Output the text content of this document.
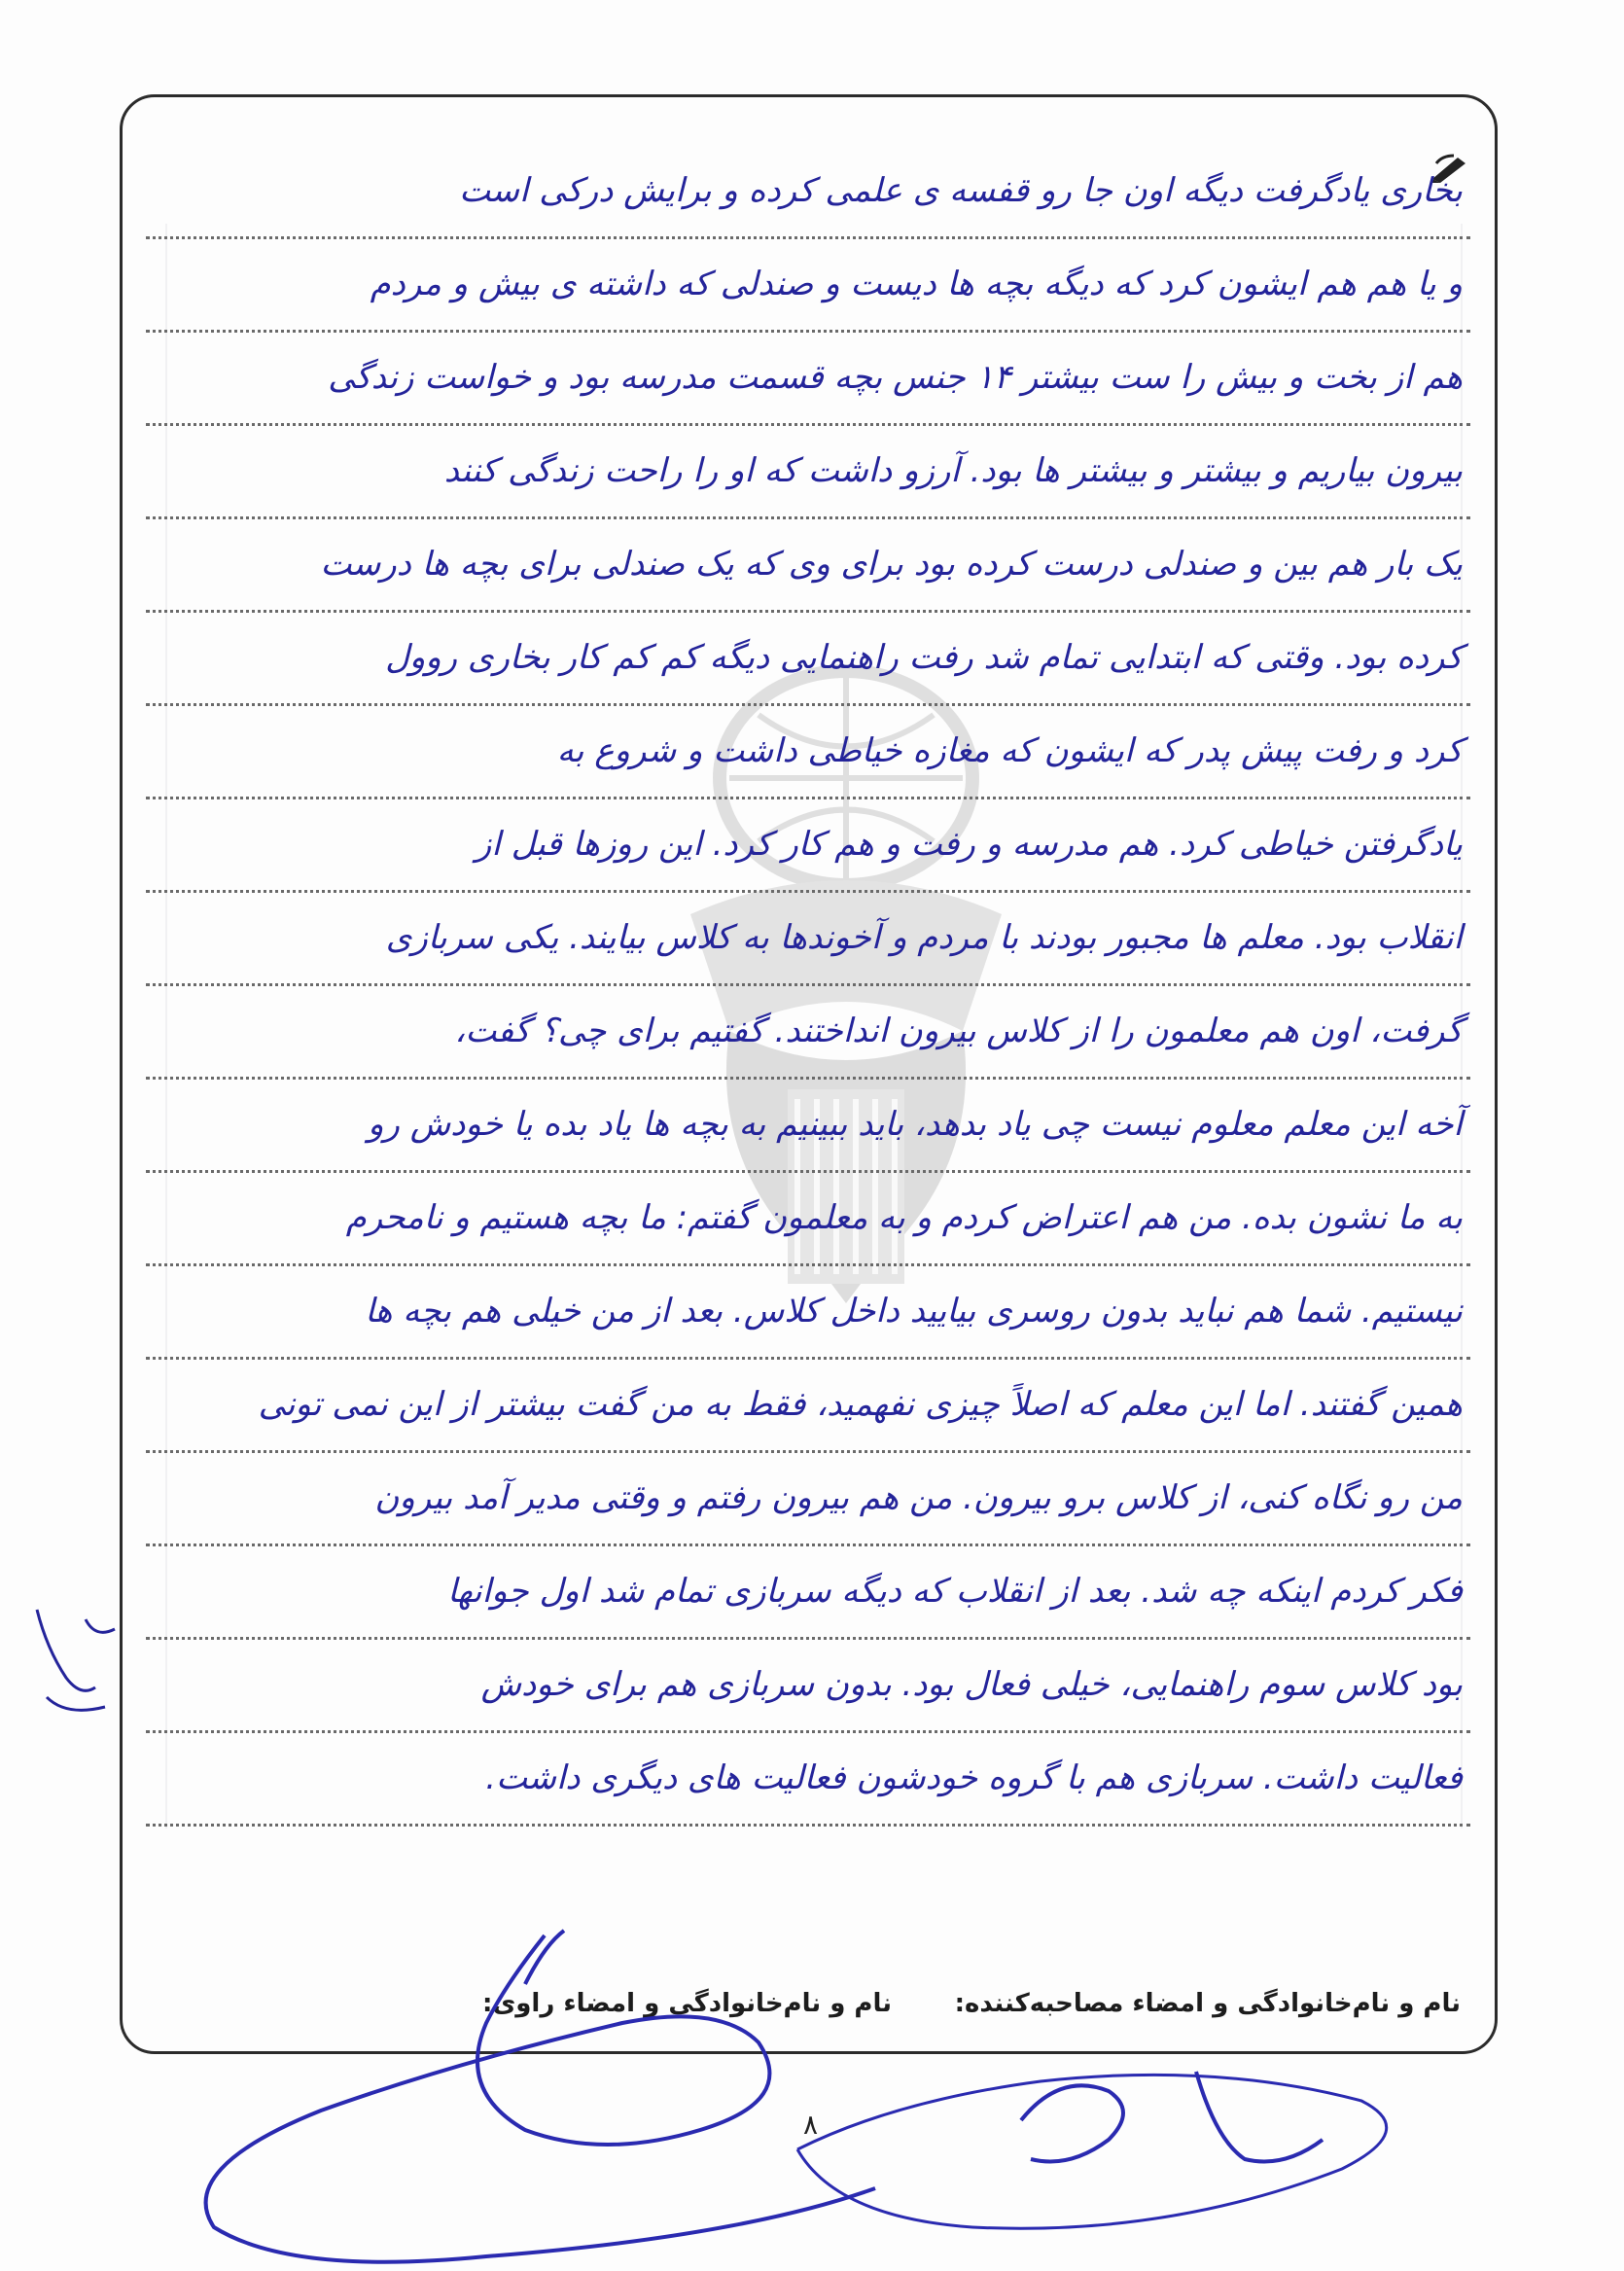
بخاری یادگرفت دیگه اون جا رو قفسه ی علمی کرده و برایش درکی است
و یا هم هم ایشون کرد که دیگه بچه ها دیست و صندلی که داشته ی بیش و مردم
هم از بخت و بیش را ست بیشتر ۱۴ جنس بچه قسمت مدرسه بود و خواست زندگی
بیرون بیاریم و بیشتر و بیشتر ها بود. آرزو داشت که او را راحت زندگی کنند
یک بار هم بین و صندلی درست کرده بود برای وی که یک صندلی برای بچه ها درست
کرده بود. وقتی که ابتدایی تمام شد رفت راهنمایی دیگه کم کم کار بخاری روول
کرد و رفت پیش پدر که ایشون که مغازه خیاطی داشت و شروع به
یادگرفتن خیاطی کرد. هم مدرسه و رفت و هم کار کرد. این روزها قبل از
انقلاب بود. معلم ها مجبور بودند با مردم و آخوندها به کلاس بیایند. یکی سربازی
گرفت، اون هم معلمون را از کلاس بیرون انداختند. گفتیم برای چی؟ گفت،
آخه این معلم معلوم نیست چی یاد بدهد، باید ببینیم به بچه ها یاد بده یا خودش رو
به ما نشون بده. من هم اعتراض کردم و به معلمون گفتم: ما بچه هستیم و نامحرم
نیستیم. شما هم نباید بدون روسری بیایید داخل کلاس. بعد از من خیلی هم بچه ها
همین گفتند. اما این معلم که اصلاً چیزی نفهمید، فقط به من گفت بیشتر از این نمی تونی
من رو نگاه کنی، از کلاس برو بیرون. من هم بیرون رفتم و وقتی مدیر آمد بیرون
فکر کردم اینکه چه شد. بعد از انقلاب که دیگه سربازی تمام شد اول جوانها
بود کلاس سوم راهنمایی، خیلی فعال بود. بدون سربازی هم برای خودش
فعالیت داشت. سربازی هم با گروه خودشون فعالیت های دیگری داشت.
نام و نام‌خانوادگی و امضاء مصاحبه‌کننده:
نام و نام‌خانوادگی و امضاء راوی:
۸
